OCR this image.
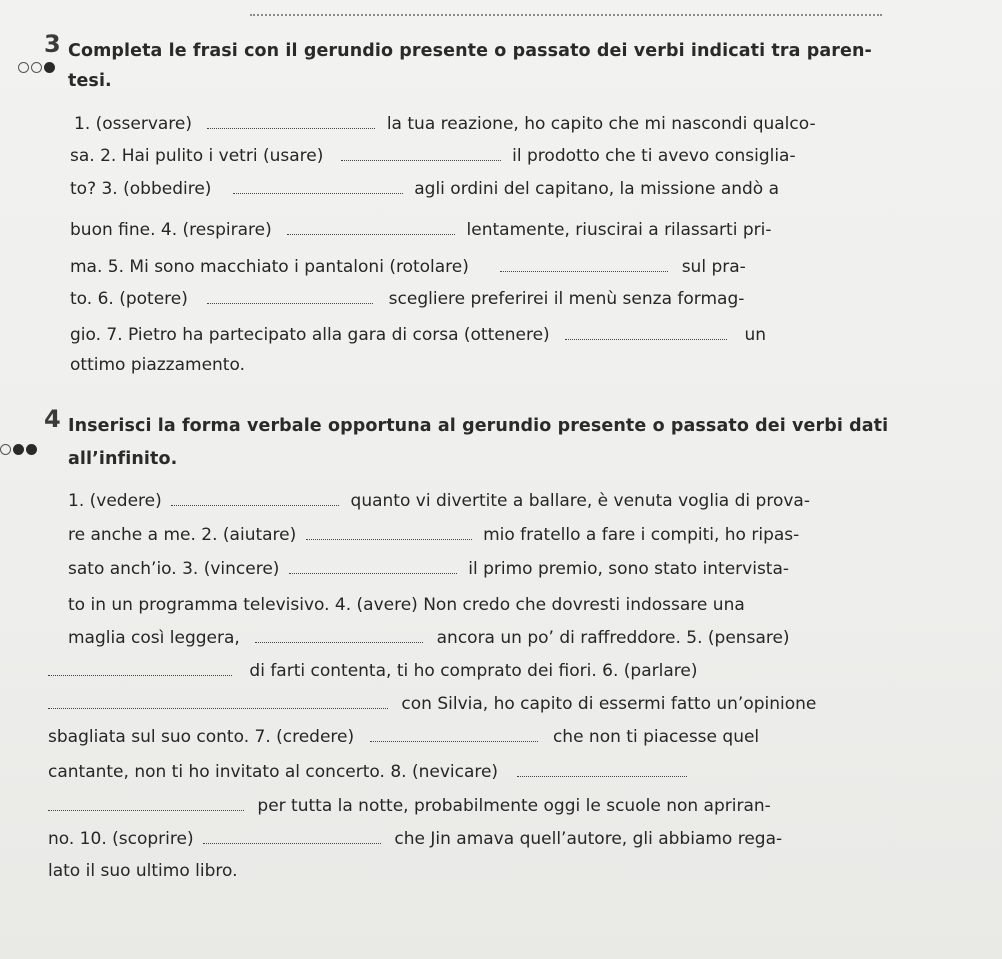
3 Completa le frasi con il gerundio presente o passato dei verbi indicati tra paren-
tesi.
1. (osservare)	la tua reazione, ho capito che mi nascondi qualco-
sa. 2. Hai pulito i vetri (usare)	il prodotto che ti avevo consiglia-
to? 3. (obbedire)	agli ordini del capitano, la missione andò a
buon fine. 4. (respirare)	lentamente, riuscirai a rilassarti pri-
ma. 5. Mi sono macchiato i pantaloni (rotolare)	sul pra-
to. 6. (potere)	scegliere preferirei il menù senza formag-
gio. 7. Pietro ha partecipato alla gara di corsa (ottenere)	un
ottimo piazzamento.
4 Inserisci la forma verbale opportuna al gerundio presente o passato dei verbi dati
all’infinito.
1. (vedere)	quanto vi divertite a ballare, è venuta voglia di prova-
re anche a me. 2. (aiutare)	mio fratello a fare i compiti, ho ripas-
sato anch’io. 3. (vincere)	il primo premio, sono stato intervista-
to in un programma televisivo. 4. (avere) Non credo che dovresti indossare una
maglia così leggera,	ancora un po’ di raffreddore. 5. (pensare)
di farti contenta, ti ho comprato dei fiori. 6. (parlare)
con Silvia, ho capito di essermi fatto un’opinione
sbagliata sul suo conto. 7. (credere)	che non ti piacesse quel
cantante, non ti ho invitato al concerto. 8. (nevicare)
per tutta la notte, probabilmente oggi le scuole non apriran-
no. 10. (scoprire)	che Jin amava quell’autore, gli abbiamo rega-
lato il suo ultimo libro.
